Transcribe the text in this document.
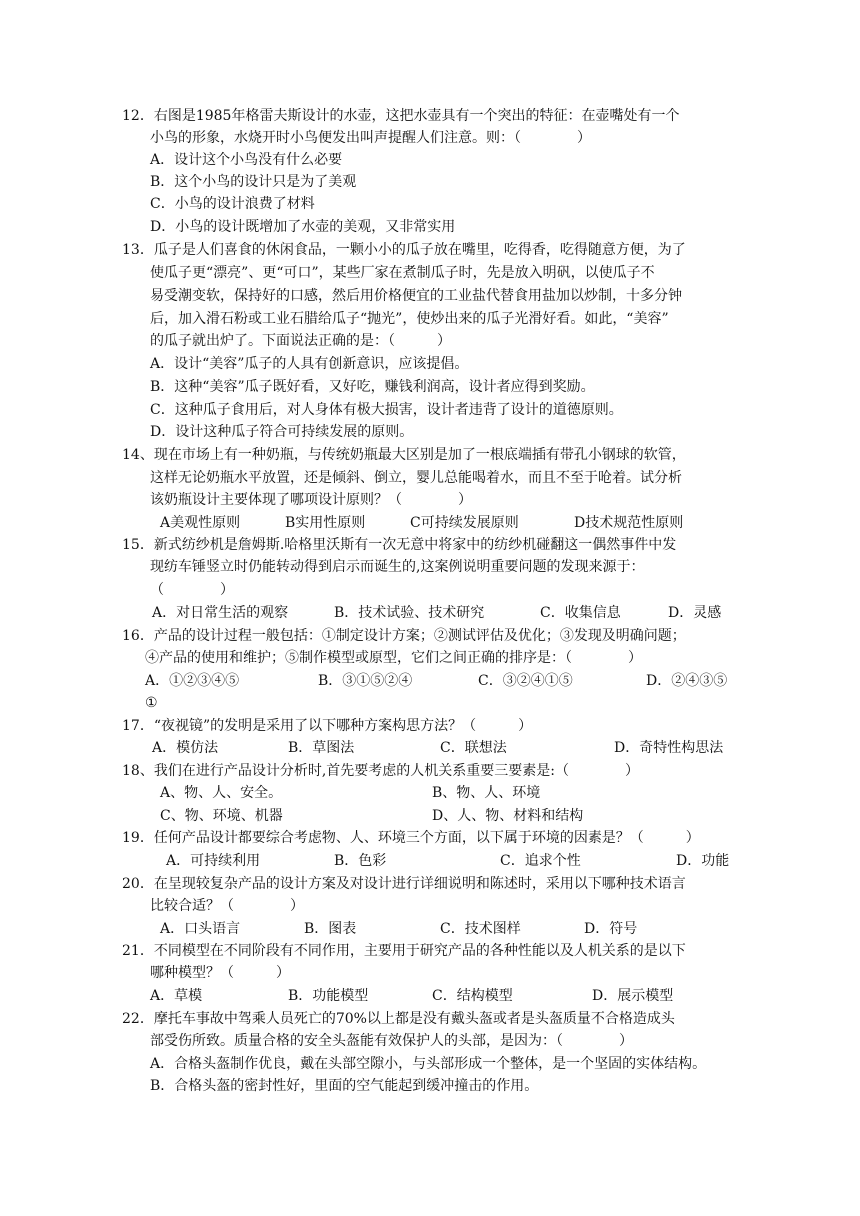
12．右图是1985年格雷夫斯设计的水壶，这把水壶具有一个突出的特征：在壶嘴处有一个
小鸟的形象，水烧开时小鸟便发出叫声提醒人们注意。则：（　　　　）
A．设计这个小鸟没有什么必要
B．这个小鸟的设计只是为了美观
C．小鸟的设计浪费了材料
D．小鸟的设计既增加了水壶的美观，又非常实用
13．瓜子是人们喜食的休闲食品，一颗小小的瓜子放在嘴里，吃得香，吃得随意方便，为了
使瓜子更“漂亮”、更“可口”，某些厂家在煮制瓜子时，先是放入明矾，以使瓜子不
易受潮变软，保持好的口感，然后用价格便宜的工业盐代替食用盐加以炒制，十多分钟
后，加入滑石粉或工业石腊给瓜子“抛光”，使炒出来的瓜子光滑好看。如此，“美容”
的瓜子就出炉了。下面说法正确的是：（　　　）
A．设计“美容”瓜子的人具有创新意识，应该提倡。
B．这种“美容”瓜子既好看，又好吃，赚钱利润高，设计者应得到奖励。
C．这种瓜子食用后，对人身体有极大损害，设计者违背了设计的道德原则。
D．设计这种瓜子符合可持续发展的原则。
14、现在市场上有一种奶瓶，与传统奶瓶最大区别是加了一根底端插有带孔小钢球的软管，
这样无论奶瓶水平放置，还是倾斜、倒立，婴儿总能喝着水，而且不至于呛着。试分析
该奶瓶设计主要体现了哪项设计原则？（　　　　）
A美观性原则	B实用性原则	C可持续发展原则	D技术规范性原则
15．新式纺纱机是詹姆斯.哈格里沃斯有一次无意中将家中的纺纱机碰翻这一偶然事件中发
现纺车锤竖立时仍能转动得到启示而诞生的,这案例说明重要问题的发现来源于：
（　　　　）
A．对日常生活的观察	B．技术试验、技术研究	C．收集信息	D．灵感
16．产品的设计过程一般包括：①制定设计方案；②测试评估及优化；③发现及明确问题；
④产品的使用和维护；⑤制作模型或原型，它们之间正确的排序是：（　　　　）
A．①②③④⑤	B．③①⑤②④	C．③②④①⑤	D．②④③⑤
①
17．“夜视镜”的发明是采用了以下哪种方案构思方法？（　　　）
A．模仿法	B．草图法	C．联想法	D．奇特性构思法
18、我们在进行产品设计分析时,首先要考虑的人机关系重要三要素是:（　　　　）
A、物、人、安全。	B、物、人、环境
C、物、环境、机器	D、人、物、材料和结构
19．任何产品设计都要综合考虑物、人、环境三个方面，以下属于环境的因素是？（　　　）
A．可持续利用	B．色彩	C．追求个性	D．功能
20．在呈现较复杂产品的设计方案及对设计进行详细说明和陈述时，采用以下哪种技术语言
比较合适？（　　　　）
A．口头语言	B．图表	C．技术图样	D．符号
21．不同模型在不同阶段有不同作用，主要用于研究产品的各种性能以及人机关系的是以下
哪种模型？（　　　）
A．草模	B．功能模型	C．结构模型	D．展示模型
22．摩托车事故中驾乘人员死亡的70%以上都是没有戴头盔或者是头盔质量不合格造成头
部受伤所致。质量合格的安全头盔能有效保护人的头部，是因为：（　　　　）
A．合格头盔制作优良，戴在头部空隙小，与头部形成一个整体，是一个坚固的实体结构。
B．合格头盔的密封性好，里面的空气能起到缓冲撞击的作用。
